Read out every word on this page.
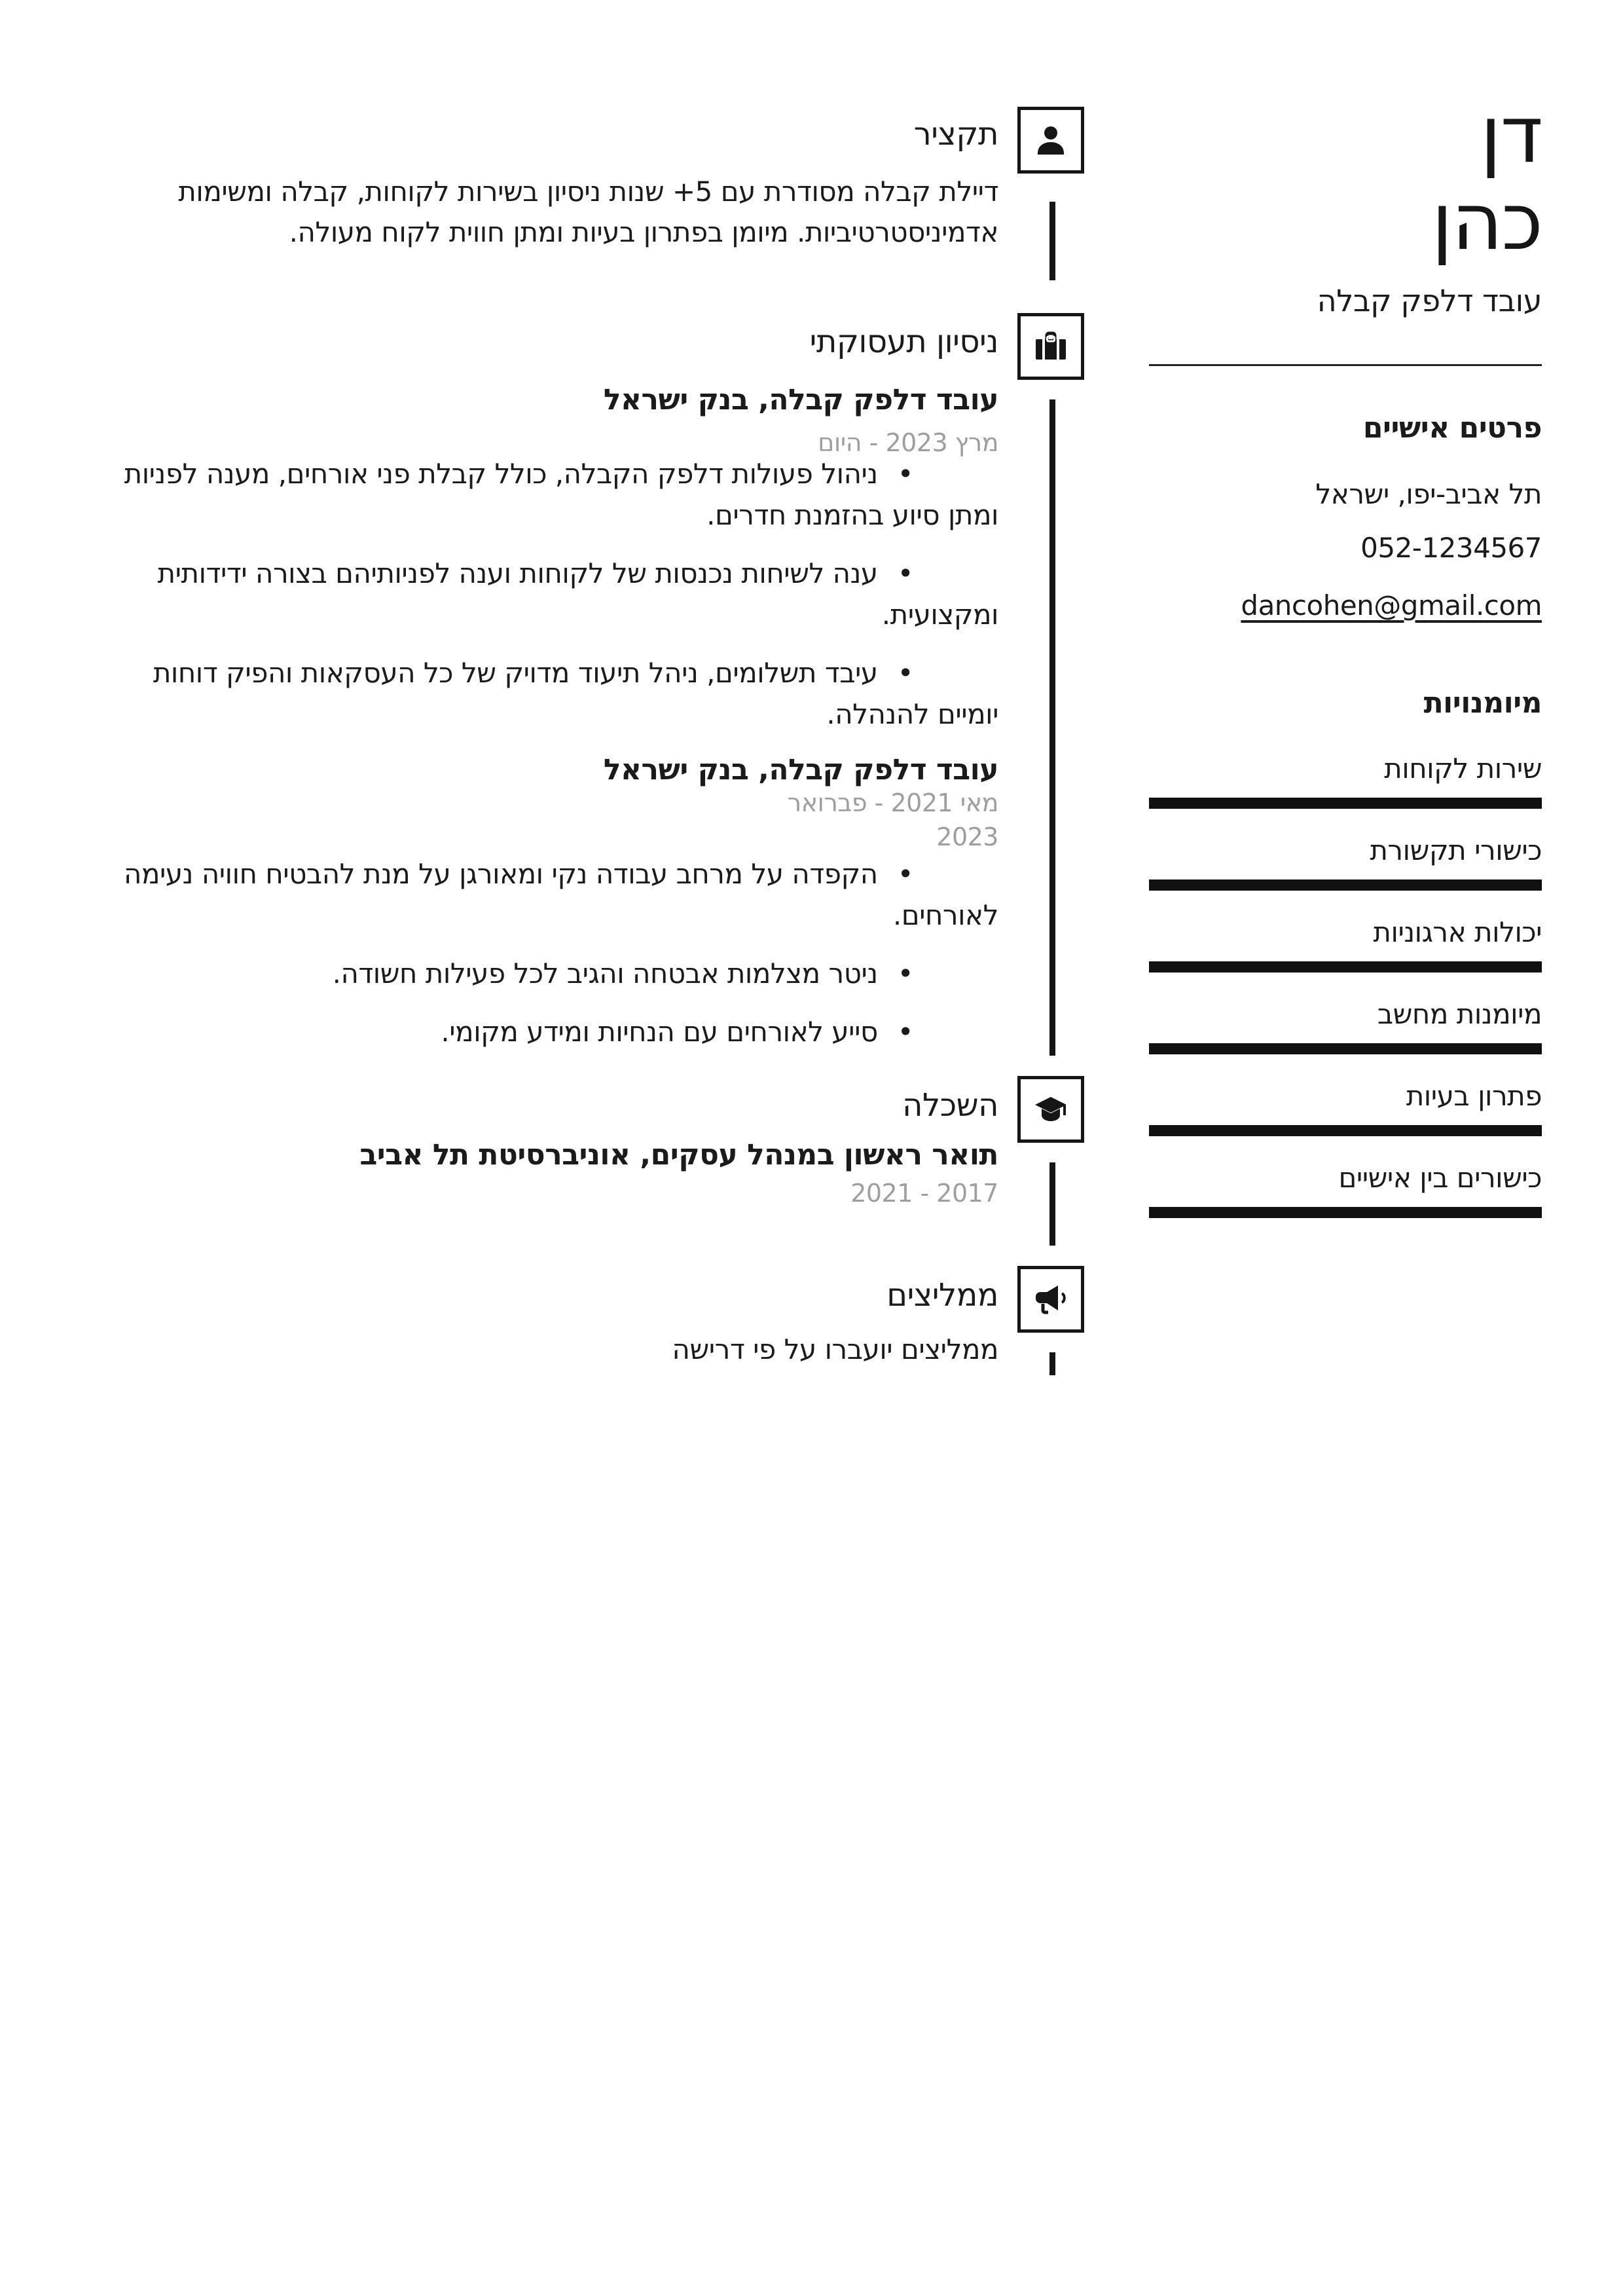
תקציר
דיילת קבלה מסודרת עם 5+ שנות ניסיון בשירות לקוחות, קבלה ומשימות אדמיניסטרטיביות. מיומן בפתרון בעיות ומתן חווית לקוח מעולה.
ניסיון תעסוקתי
עובד דלפק קבלה, בנק ישראל
מרץ 2023 - היום
• ניהול פעולות דלפק הקבלה, כולל קבלת פני אורחים, מענה לפניות ומתן סיוע בהזמנת חדרים.
• ענה לשיחות נכנסות של לקוחות וענה לפניותיהם בצורה ידידותית ומקצועית.
• עיבד תשלומים, ניהל תיעוד מדויק של כל העסקאות והפיק דוחות יומיים להנהלה.
עובד דלפק קבלה, בנק ישראל
מאי 2021 - פברואר 2023
• הקפדה על מרחב עבודה נקי ומאורגן על מנת להבטיח חוויה נעימה לאורחים.
• ניטר מצלמות אבטחה והגיב לכל פעילות חשודה.
• סייע לאורחים עם הנחיות ומידע מקומי.
השכלה
תואר ראשון במנהל עסקים, אוניברסיטת תל אביב
2017 - 2021
ממליצים
ממליצים יועברו על פי דרישה
דן
כהן
עובד דלפק קבלה
פרטים אישיים
תל אביב-יפו, ישראל
052-1234567
dancohen@gmail.com
מיומנויות
שירות לקוחות
כישורי תקשורת
יכולות ארגוניות
מיומנות מחשב
פתרון בעיות
כישורים בין אישיים
